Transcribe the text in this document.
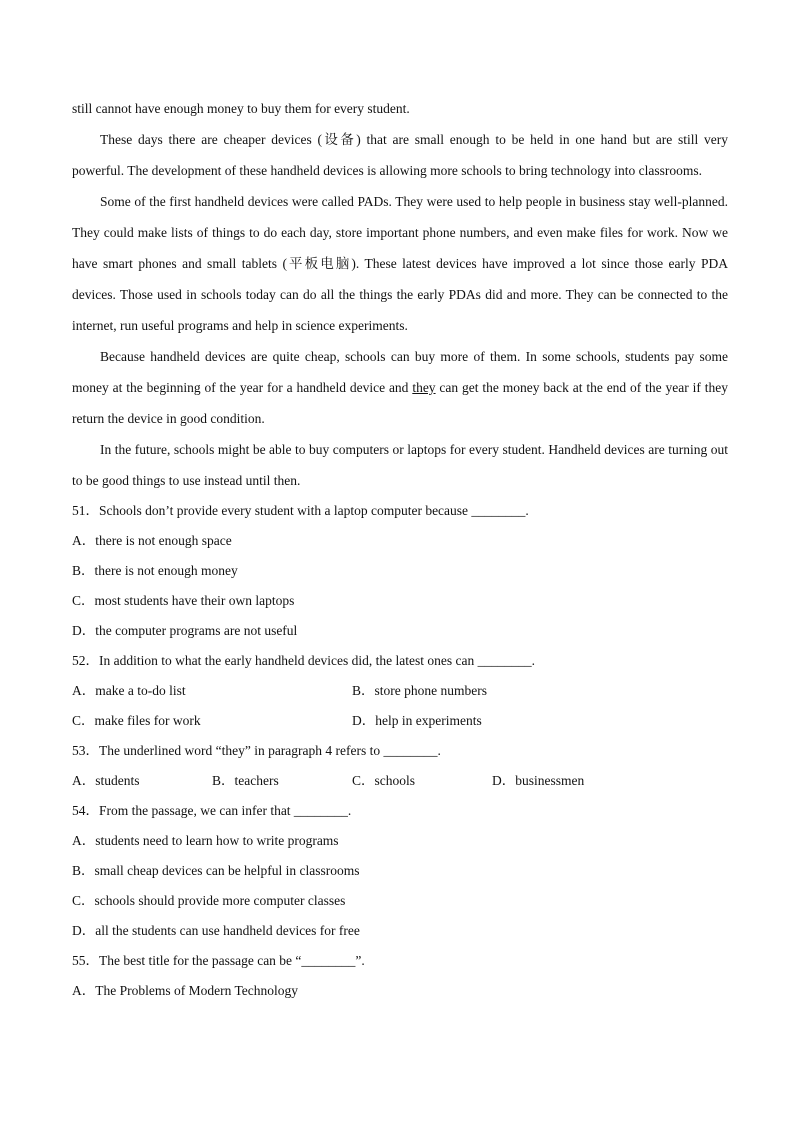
still cannot have enough money to buy them for every student.
These days there are cheaper devices (设备) that are small enough to be held in one hand but are still very powerful. The development of these handheld devices is allowing more schools to bring technology into classrooms.
Some of the first handheld devices were called PADs. They were used to help people in business stay well-planned. They could make lists of things to do each day, store important phone numbers, and even make files for work. Now we have smart phones and small tablets (平板电脑). These latest devices have improved a lot since those early PDA devices. Those used in schools today can do all the things the early PDAs did and more. They can be connected to the internet, run useful programs and help in science experiments.
Because handheld devices are quite cheap, schools can buy more of them. In some schools, students pay some money at the beginning of the year for a handheld device and they can get the money back at the end of the year if they return the device in good condition.
In the future, schools might be able to buy computers or laptops for every student. Handheld devices are turning out to be good things to use instead until then.
51．Schools don’t provide every student with a laptop computer because ________.
A．there is not enough space
B．there is not enough money
C．most students have their own laptops
D．the computer programs are not useful
52．In addition to what the early handheld devices did, the latest ones can ________.
A．make a to-do list	B．store phone numbers
C．make files for work	D．help in experiments
53．The underlined word “they” in paragraph 4 refers to ________.
A．students	B．teachers	C．schools	D．businessmen
54．From the passage, we can infer that ________.
A．students need to learn how to write programs
B．small cheap devices can be helpful in classrooms
C．schools should provide more computer classes
D．all the students can use handheld devices for free
55．The best title for the passage can be “________”.
A．The Problems of Modern Technology
